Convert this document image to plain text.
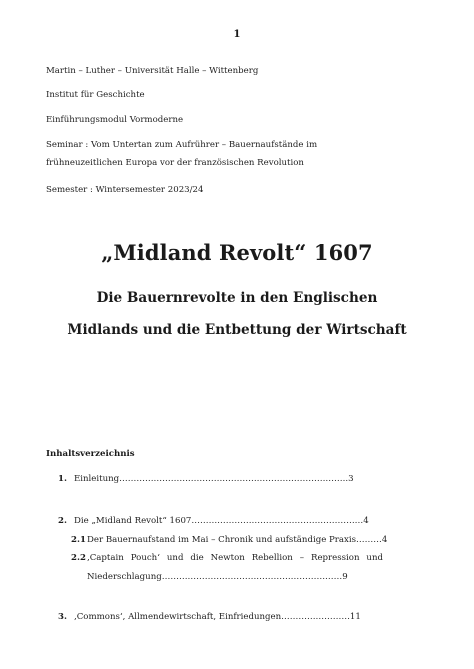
1
Martin – Luther – Universität Halle – Wittenberg
Institut für Geschichte
Einführungsmodul Vormoderne
Seminar : Vom Untertan zum Aufrührer – Bauernaufstände im
frühneuzeitlichen Europa vor der französischen Revolution
Semester : Wintersemester 2023/24
„Midland Revolt“ 1607
Die Bauernrevolte in den Englischen
Midlands und die Entbettung der Wirtschaft
Inhaltsverzeichnis
1. Einleitung……………………………………………………………………..3
2. Die „Midland Revolt“ 1607……………………………………………………4
2.1 Der Bauernaufstand im Mai – Chronik und aufständige Praxis………4
2.2 ‚Captain Pouch‘ und die Newton Rebellion – Repression und
Niederschlagung………………………………………………………9
3. ‚Commons‘, Allmendewirtschaft, Einfriedungen……………………11
